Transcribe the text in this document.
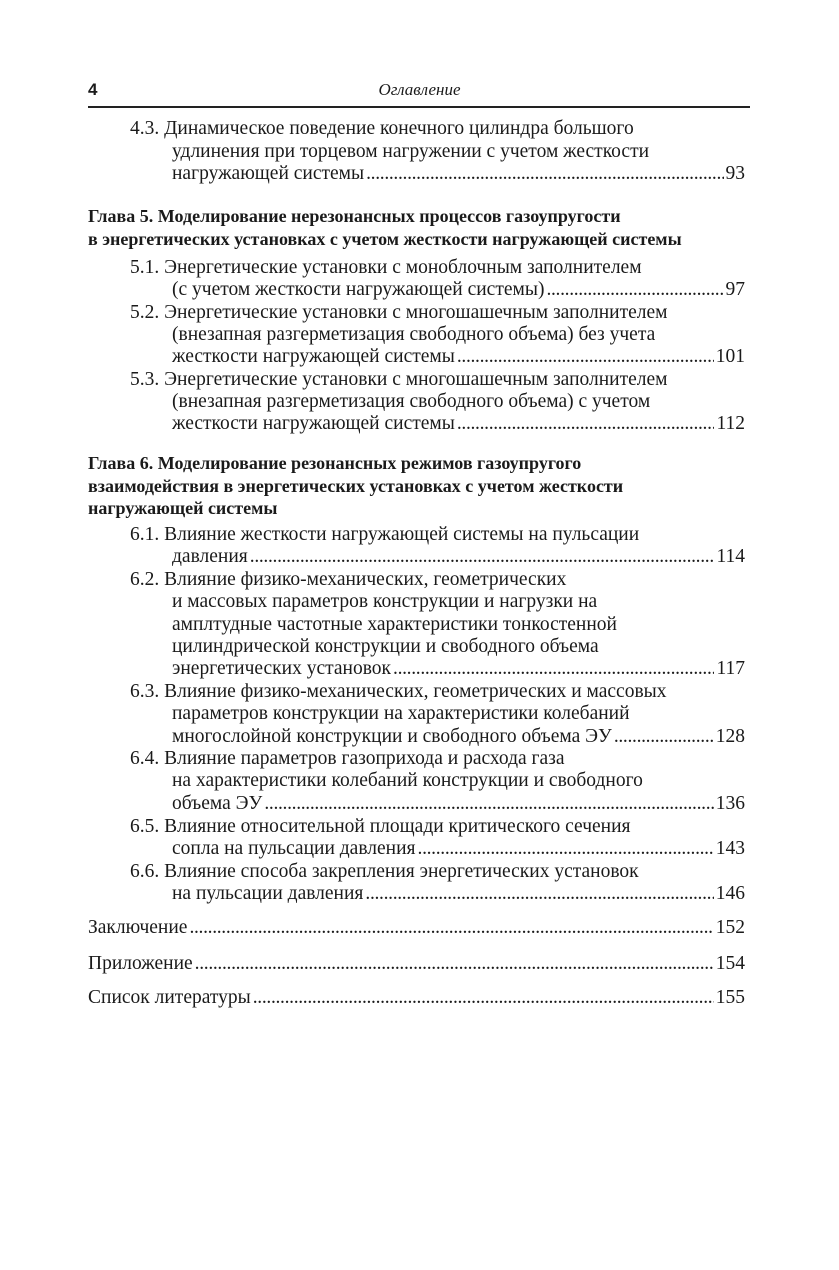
4	Оглавление
4.3. Динамическое поведение конечного цилиндра большого
удлинения при торцевом нагружении с учетом жесткости
нагружающей системы . . .	93
Глава 5. Моделирование нерезонансных процессов газоупругости
в энергетических установках с учетом жесткости нагружающей системы
5.1. Энергетические установки с моноблочным заполнителем
(с учетом жесткости нагружающей системы) . . .	97
5.2. Энергетические установки с многошашечным заполнителем
(внезапная разгерметизация свободного объема) без учета
жесткости нагружающей системы . . .	101
5.3. Энергетические установки с многошашечным заполнителем
(внезапная разгерметизация свободного объема) с учетом
жесткости нагружающей системы . . .	112
Глава 6. Моделирование резонансных режимов газоупругого
взаимодействия в энергетических установках с учетом жесткости
нагружающей системы
6.1. Влияние жесткости нагружающей системы на пульсации
давления . . .	114
6.2. Влияние физико-механических, геометрических
и массовых параметров конструкции и нагрузки на
амплтудные частотные характеристики тонкостенной
цилиндрической конструкции и свободного объема
энергетических установок . . .	117
6.3. Влияние физико-механических, геометрических и массовых
параметров конструкции на характеристики колебаний
многослойной конструкции и свободного объема ЭУ . . .	128
6.4. Влияние параметров газоприхода и расхода газа
на характеристики колебаний конструкции и свободного
объема ЭУ . . .	136
6.5. Влияние относительной площади критического сечения
сопла на пульсации давления . . .	143
6.6. Влияние способа закрепления энергетических установок
на пульсации давления . . .	146
Заключение . . .	152
Приложение . . .	154
Список литературы . . .	155
